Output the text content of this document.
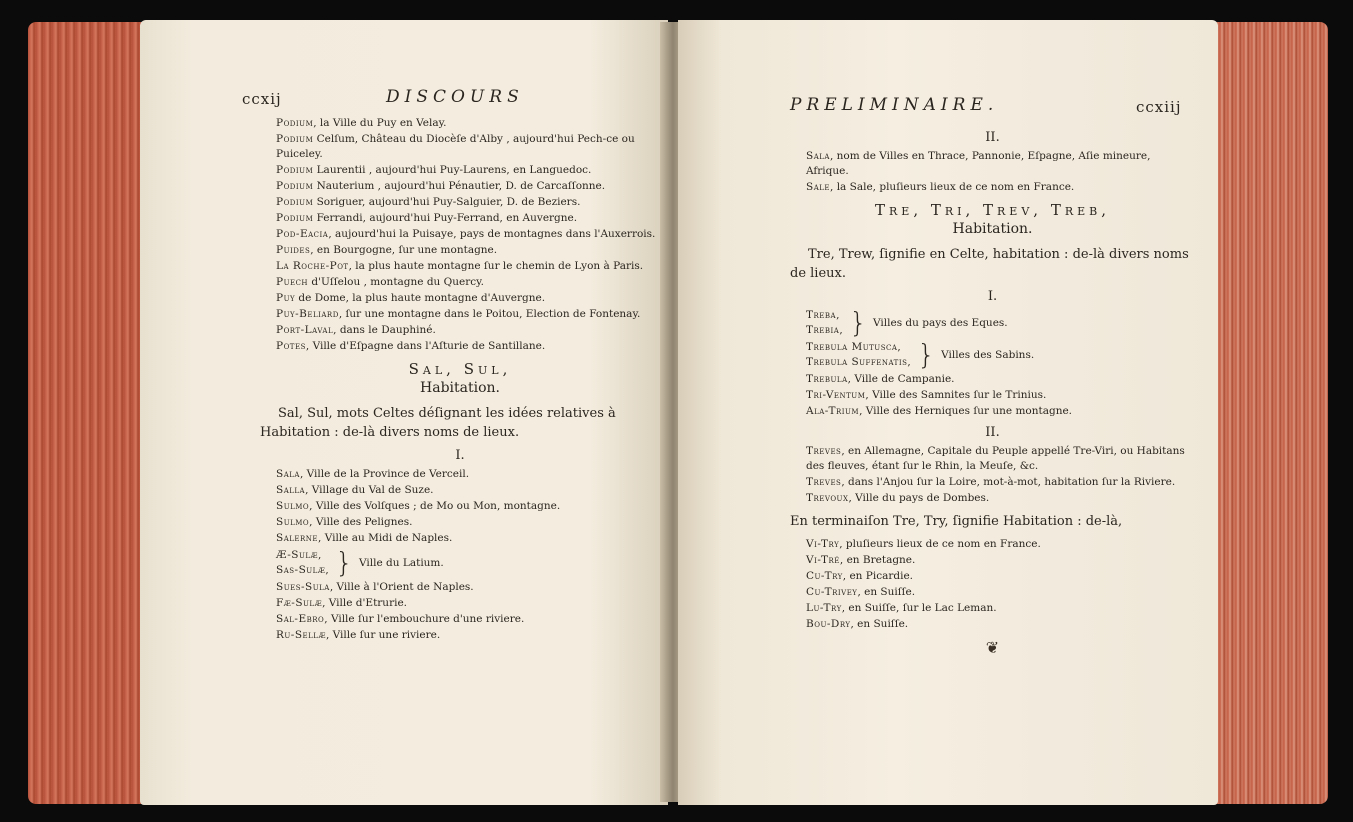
ccxij	DISCOURS
Podium, la Ville du Puy en Velay.
Podium Celſum, Château du Diocèſe d'Alby , aujourd'hui Pech-ce ou Puiceley.
Podium Laurentii , aujourd'hui Puy-Laurens, en Languedoc.
Podium Nauterium , aujourd'hui Pénautier, D. de Carcaſſonne.
Podium Soriguer, aujourd'hui Puy-Salguier, D. de Beziers.
Podium Ferrandi, aujourd'hui Puy-Ferrand, en Auvergne.
Pod-Eacia, aujourd'hui la Puisaye, pays de montagnes dans l'Auxerrois.
Puides, en Bourgogne, ſur une montagne.
La Roche-Pot, la plus haute montagne ſur le chemin de Lyon à Paris.
Puech d'Uſſelou , montagne du Quercy.
Puy de Dome, la plus haute montagne d'Auvergne.
Puy-Beliard, ſur une montagne dans le Poitou, Election de Fontenay.
Port-Laval, dans le Dauphiné.
Potes, Ville d'Eſpagne dans l'Aſturie de Santillane.
Sal, Sul,
Habitation.
Sal, Sul, mots Celtes déſignant les idées relatives à Habitation : de-là divers noms de lieux.
I.
Sala, Ville de la Province de Verceil.
Salla, Village du Val de Suze.
Sulmo, Ville des Volſques ; de Mo ou Mon, montagne.
Sulmo, Ville des Pelignes.
Salerne, Ville au Midi de Naples.
Æ-Sulæ,
Sas-Sulæ, } Ville du Latium.
Sues-Sula, Ville à l'Orient de Naples.
Fæ-Sulæ, Ville d'Etrurie.
Sal-Ebro, Ville ſur l'embouchure d'une riviere.
Ru-Sellæ, Ville ſur une riviere.
PRELIMINAIRE.	ccxiij
II.
Sala, nom de Villes en Thrace, Pannonie, Eſpagne, Aſie mineure, Afrique.
Sale, la Sale, pluſieurs lieux de ce nom en France.
Tre, Tri, Trev, Treb,
Habitation.
Tre, Trew, ſignifie en Celte, habitation : de-là divers noms de lieux.
I.
Treba,
Trebia, } Villes du pays des Eques.
Trebula Mutuſca,
Trebula Suffenatis, } Villes des Sabins.
Trebula, Ville de Campanie.
Tri-Ventum, Ville des Samnites ſur le Trinius.
Ala-Trium, Ville des Herniques ſur une montagne.
II.
Treves, en Allemagne, Capitale du Peuple appellé Tre-Viri, ou Habitans des fleuves, étant ſur le Rhin, la Meuſe, &c.
Treves, dans l'Anjou ſur la Loire, mot-à-mot, habitation ſur la Riviere.
Trevoux, Ville du pays de Dombes.
En terminaiſon Tre, Try, ſignifie Habitation : de-là,
Vi-Try, pluſieurs lieux de ce nom en France.
Vi-Tré, en Bretagne.
Cu-Try, en Picardie.
Cu-Trivey, en Suiſſe.
Lu-Try, en Suiſſe, ſur le Lac Leman.
Bou-Dry, en Suiſſe.
❦
